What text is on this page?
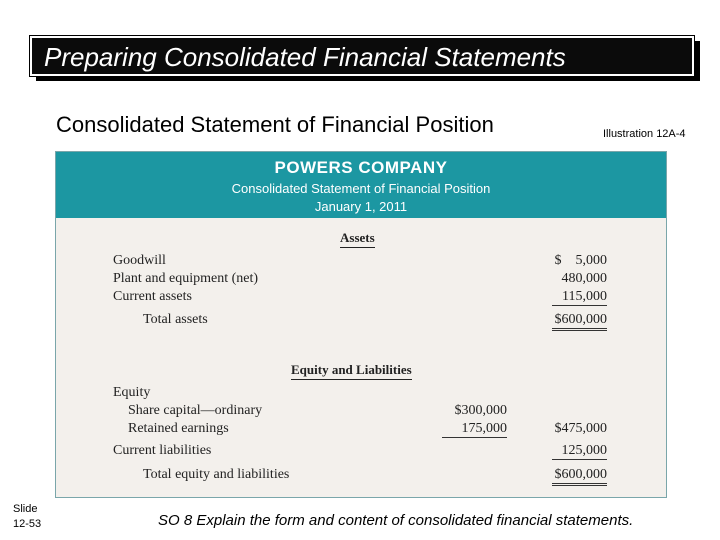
Preparing Consolidated Financial Statements
Consolidated Statement of Financial Position	Illustration 12A-4
POWERS COMPANY
Consolidated Statement of Financial Position
January 1, 2011
Assets
Goodwill	$    5,000
Plant and equipment (net)	480,000
Current assets	115,000
Total assets	$600,000
Equity and Liabilities
Equity
Share capital—ordinary	$300,000
Retained earnings	175,000	$475,000
Current liabilities	125,000
Total equity and liabilities	$600,000
Slide
12-53	SO 8 Explain the form and content of consolidated financial statements.
